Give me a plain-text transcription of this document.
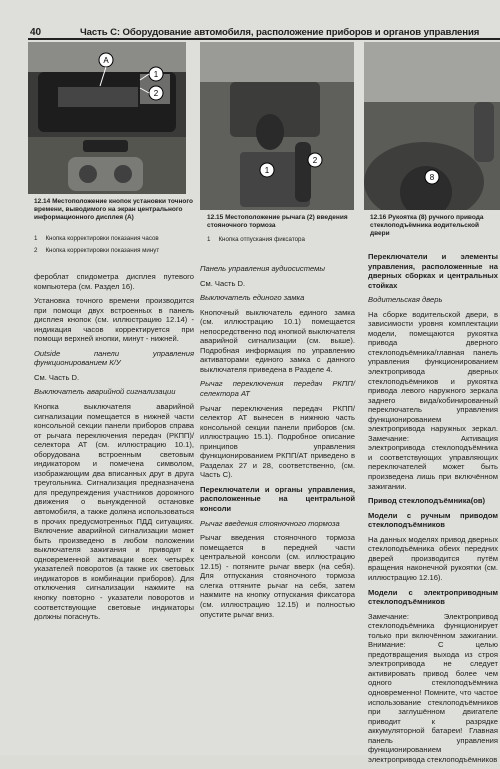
40	Часть С: Оборудование автомобиля, расположение приборов и органов управления
A
1
2
12.14 Местоположение кнопок установки точного времени, выводимого на экран центрального информационного дисплея (А)
1 Кнопка корректировки показания часов
2 Кнопка корректировки показания минут
1
2
12.15 Местоположение рычага (2) введения стояночного тормоза
1 Кнопка отпускания фиксатора
8
12.16 Рукоятка (8) ручного привода стеклоподъёмника водительской двери

фероблат спидометра дисплея путевого компьютера (см. Раздел 16).

Установка точного времени производится при помощи двух встроенных в панель дисплея кнопок (см. иллюстрацию 12.14) - индикация часов корректируется при помощи верхней кнопки, минут - нижней.

Outside панели управления функционированием К/У

См. Часть D.

Выключатель аварийной сигнализации

Кнопка выключателя аварийной сигнализации помещается в нижней части консольной секции панели приборов справа от рычага переключения передач (РКПП)/селектора АТ (см. иллюстрацию 10.1), оборудована встроенным световым индикатором и помечена символом, изображающим два вписанных друг в друга треугольника. Сигнализация предназначена для предупреждения участников дорожного движения о вынужденной остановке автомобиля, а также должна использоваться в прочих предусмотренных ПДД ситуациях. Включение аварийной сигнализации может быть произведено в любом положении выключателя зажигания и приводит к одновременной активации всех четырёх указателей поворотов (а также их световых индикаторов в комбинации приборов). Для отключения сигнализации нажмите на кнопку повторно - указатели поворотов и соответствующие световые индикаторы должны погаснуть.

Панель управления аудиосистемы

См. Часть D.

Выключатель единого замка

Кнопочный выключатель единого замка (см. иллюстрацию 10.1) помещается непосредственно под кнопкой выключателя аварийной сигнализации (см. выше). Подробная информация по управлению активаторами единого замка с данного выключателя приведена в Разделе 4.

Рычаг переключения передач РКПП/селектора АТ

Рычаг переключения передач РКПП/селектор АТ вынесен в нижнюю часть консольной секции панели приборов (см. иллюстрацию 15.1). Подробное описание принципов управления функционированием РКПП/АТ приведено в Разделах 27 и 28, соответственно, (см. Часть С).

Переключатели и органы управления, расположенные на центральной консоли

Рычаг введения стояночного тормоза

Рычаг введения стояночного тормоза помещается в передней части центральной консоли (см. иллюстрацию 12.15) - потяните рычаг вверх (на себя). Для отпускания стояночного тормоза слегка оттяните рычаг на себя, затем нажмите на кнопку отпускания фиксатора (см. иллюстрацию 12.15) и полностью опустите рычаг вниз.

Переключатели и элементы управления, расположенные на дверных сборках и центральных стойках

Водительская дверь

На сборке водительской двери, в зависимости уровня комплектации модели, помещаются рукоятка привода дверного стеклоподъёмника/главная панель управления функционированием электропривода дверных стеклоподъёмников и рукоятка привода левого наружного зеркала заднего вида/кобинированный переключатель управления функционированием электропривода наружных зеркал. Замечание: Активация электропривода стеклоподъёмника и соответствующих управляющих переключателей может быть произведена лишь при включённом зажигании.

Привод стеклоподъёмника(ов)

Модели с ручным приводом стеклоподъёмников

На данных моделях привод дверных стеклоподъёмника обеих передних дверей производится путём вращения наконечной рукоятки (см. иллюстрацию 12.16).

Модели с электроприводным стеклоподъёмников

Замечание: Электропривод стеклоподъёмника функционирует только при включённом зажигании. Внимание: С целью предотвращения выхода из строя электропривода не следует активировать привод более чем одного стеклоподъёмника одновременно! Помните, что частое использование стеклоподъёмников при заглушённом двигателе приводит к разрядке аккумуляторной батареи! Главная панель управления функционированием электропривода стеклоподъёмников
